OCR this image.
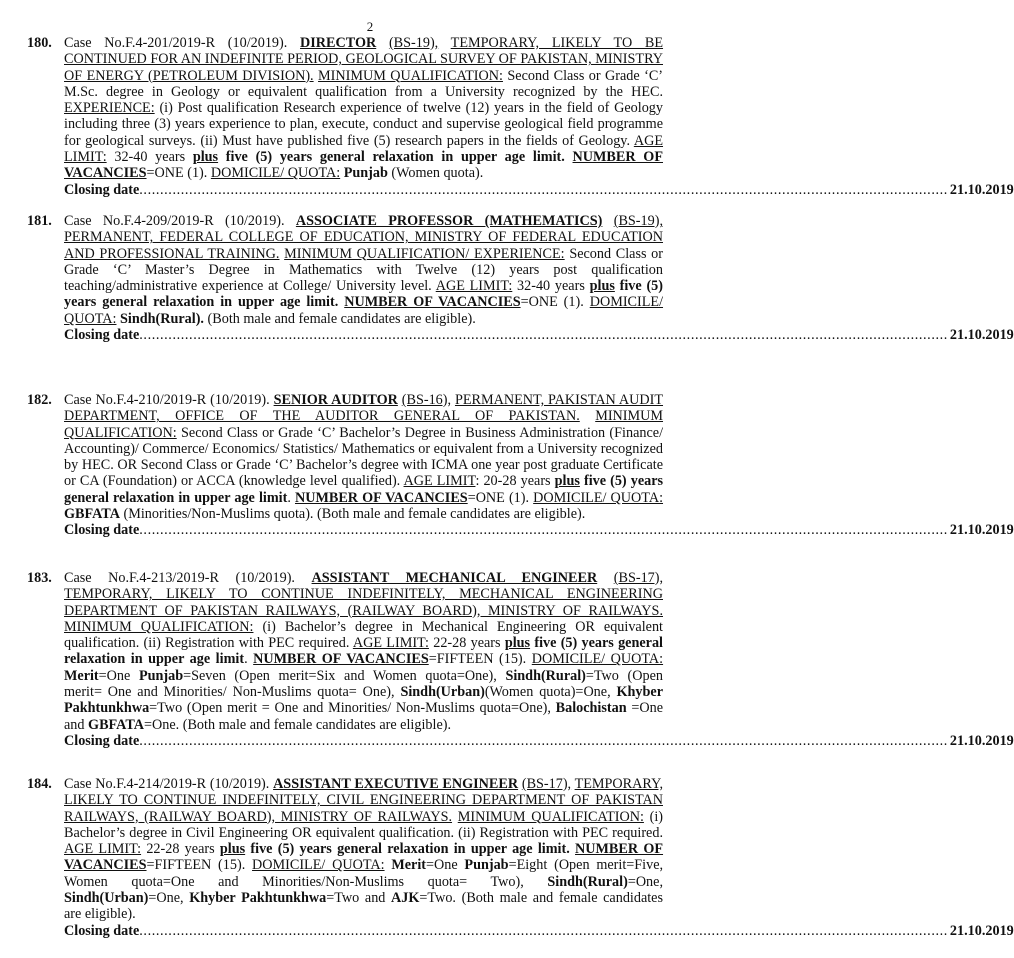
2
180. Case No.F.4-201/2019-R (10/2019). DIRECTOR (BS-19), TEMPORARY, LIKELY TO BE CONTINUED FOR AN INDEFINITE PERIOD, GEOLOGICAL SURVEY OF PAKISTAN, MINISTRY OF ENERGY (PETROLEUM DIVISION). MINIMUM QUALIFICATION: Second Class or Grade ‘C’ M.Sc. degree in Geology or equivalent qualification from a University recognized by the HEC. EXPERIENCE: (i) Post qualification Research experience of twelve (12) years in the field of Geology including three (3) years experience to plan, execute, conduct and supervise geological field programme for geological surveys. (ii) Must have published five (5) research papers in the fields of Geology. AGE LIMIT: 32-40 years plus five (5) years general relaxation in upper age limit. NUMBER OF VACANCIES=ONE (1). DOMICILE/ QUOTA: Punjab (Women quota).
Closing date ................................................................................................................................................................................................... 21.10.2019
181. Case No.F.4-209/2019-R (10/2019). ASSOCIATE PROFESSOR (MATHEMATICS) (BS-19), PERMANENT, FEDERAL COLLEGE OF EDUCATION, MINISTRY OF FEDERAL EDUCATION AND PROFESSIONAL TRAINING. MINIMUM QUALIFICATION/ EXPERIENCE: Second Class or Grade ‘C’ Master’s Degree in Mathematics with Twelve (12) years post qualification teaching/administrative experience at College/ University level. AGE LIMIT: 32-40 years plus five (5) years general relaxation in upper age limit. NUMBER OF VACANCIES=ONE (1). DOMICILE/ QUOTA: Sindh(Rural). (Both male and female candidates are eligible).
Closing date ................................................................................................................................................................................................... 21.10.2019
182. Case No.F.4-210/2019-R (10/2019). SENIOR AUDITOR (BS-16), PERMANENT, PAKISTAN AUDIT DEPARTMENT, OFFICE OF THE AUDITOR GENERAL OF PAKISTAN. MINIMUM QUALIFICATION: Second Class or Grade ‘C’ Bachelor’s Degree in Business Administration (Finance/ Accounting)/ Commerce/ Economics/ Statistics/ Mathematics or equivalent from a University recognized by HEC. OR Second Class or Grade ‘C’ Bachelor’s degree with ICMA one year post graduate Certificate or CA (Foundation) or ACCA (knowledge level qualified). AGE LIMIT: 20-28 years plus five (5) years general relaxation in upper age limit. NUMBER OF VACANCIES=ONE (1). DOMICILE/ QUOTA: GBFATA (Minorities/Non-Muslims quota). (Both male and female candidates are eligible).
Closing date ................................................................................................................................................................................................... 21.10.2019
183. Case No.F.4-213/2019-R (10/2019). ASSISTANT MECHANICAL ENGINEER (BS-17), TEMPORARY, LIKELY TO CONTINUE INDEFINITELY, MECHANICAL ENGINEERING DEPARTMENT OF PAKISTAN RAILWAYS, (RAILWAY BOARD), MINISTRY OF RAILWAYS. MINIMUM QUALIFICATION: (i) Bachelor’s degree in Mechanical Engineering OR equivalent qualification. (ii) Registration with PEC required. AGE LIMIT: 22-28 years plus five (5) years general relaxation in upper age limit. NUMBER OF VACANCIES=FIFTEEN (15). DOMICILE/ QUOTA: Merit=One Punjab=Seven (Open merit=Six and Women quota=One), Sindh(Rural)=Two (Open merit= One and Minorities/ Non-Muslims quota= One), Sindh(Urban)(Women quota)=One, Khyber Pakhtunkhwa=Two (Open merit = One and Minorities/ Non-Muslims quota=One), Balochistan =One and GBFATA=One. (Both male and female candidates are eligible).
Closing date ................................................................................................................................................................................................... 21.10.2019
184. Case No.F.4-214/2019-R (10/2019). ASSISTANT EXECUTIVE ENGINEER (BS-17), TEMPORARY, LIKELY TO CONTINUE INDEFINITELY, CIVIL ENGINEERING DEPARTMENT OF PAKISTAN RAILWAYS, (RAILWAY BOARD), MINISTRY OF RAILWAYS. MINIMUM QUALIFICATION: (i) Bachelor’s degree in Civil Engineering OR equivalent qualification. (ii) Registration with PEC required. AGE LIMIT: 22-28 years plus five (5) years general relaxation in upper age limit. NUMBER OF VACANCIES=FIFTEEN (15). DOMICILE/ QUOTA: Merit=One Punjab=Eight (Open merit=Five, Women quota=One and Minorities/Non-Muslims quota= Two), Sindh(Rural)=One, Sindh(Urban)=One, Khyber Pakhtunkhwa=Two and AJK=Two. (Both male and female candidates are eligible).
Closing date ................................................................................................................................................................................................... 21.10.2019
